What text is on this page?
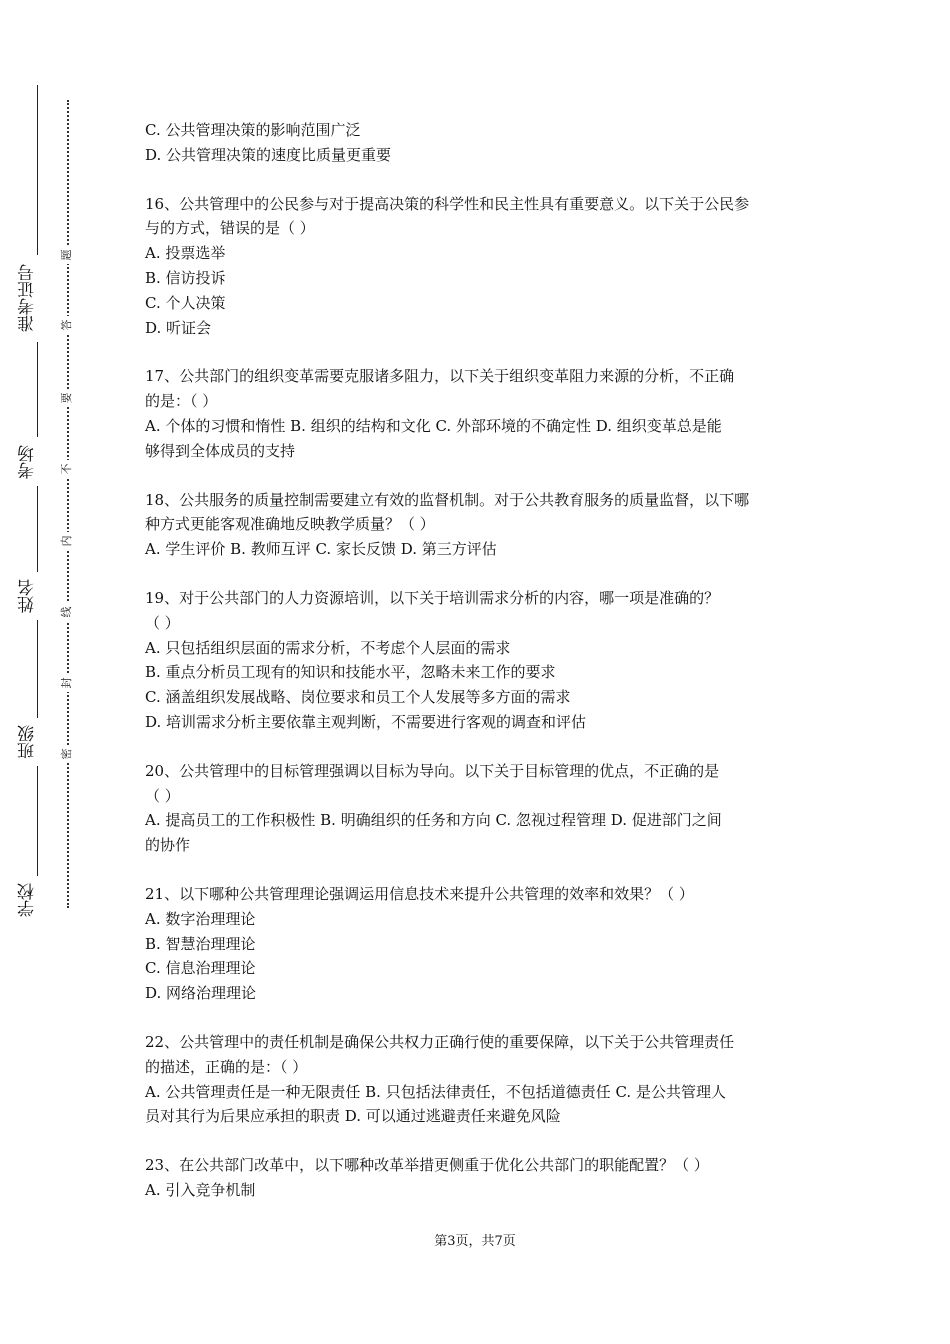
准考证号
考场
姓名
班级
学校
题
答
要
不
内
线
封
密
C. 公共管理决策的影响范围广泛
D. 公共管理决策的速度比质量更重要
16、公共管理中的公民参与对于提高决策的科学性和民主性具有重要意义。以下关于公民参
与的方式，错误的是（ ）
A. 投票选举
B. 信访投诉
C. 个人决策
D. 听证会
17、公共部门的组织变革需要克服诸多阻力，以下关于组织变革阻力来源的分析，不正确
的是：（ ）
A. 个体的习惯和惰性 B. 组织的结构和文化 C. 外部环境的不确定性 D. 组织变革总是能
够得到全体成员的支持
18、公共服务的质量控制需要建立有效的监督机制。对于公共教育服务的质量监督，以下哪
种方式更能客观准确地反映教学质量？（ ）
A. 学生评价 B. 教师互评 C. 家长反馈 D. 第三方评估
19、对于公共部门的人力资源培训，以下关于培训需求分析的内容，哪一项是准确的？
（ ）
A. 只包括组织层面的需求分析，不考虑个人层面的需求
B. 重点分析员工现有的知识和技能水平，忽略未来工作的要求
C. 涵盖组织发展战略、岗位要求和员工个人发展等多方面的需求
D. 培训需求分析主要依靠主观判断，不需要进行客观的调查和评估
20、公共管理中的目标管理强调以目标为导向。以下关于目标管理的优点，不正确的是
（ ）
A. 提高员工的工作积极性 B. 明确组织的任务和方向 C. 忽视过程管理 D. 促进部门之间
的协作
21、以下哪种公共管理理论强调运用信息技术来提升公共管理的效率和效果？（ ）
A. 数字治理理论
B. 智慧治理理论
C. 信息治理理论
D. 网络治理理论
22、公共管理中的责任机制是确保公共权力正确行使的重要保障，以下关于公共管理责任
的描述，正确的是：（ ）
A. 公共管理责任是一种无限责任 B. 只包括法律责任，不包括道德责任 C. 是公共管理人
员对其行为后果应承担的职责 D. 可以通过逃避责任来避免风险
23、在公共部门改革中，以下哪种改革举措更侧重于优化公共部门的职能配置？（ ）
A. 引入竞争机制
第3页，共7页
